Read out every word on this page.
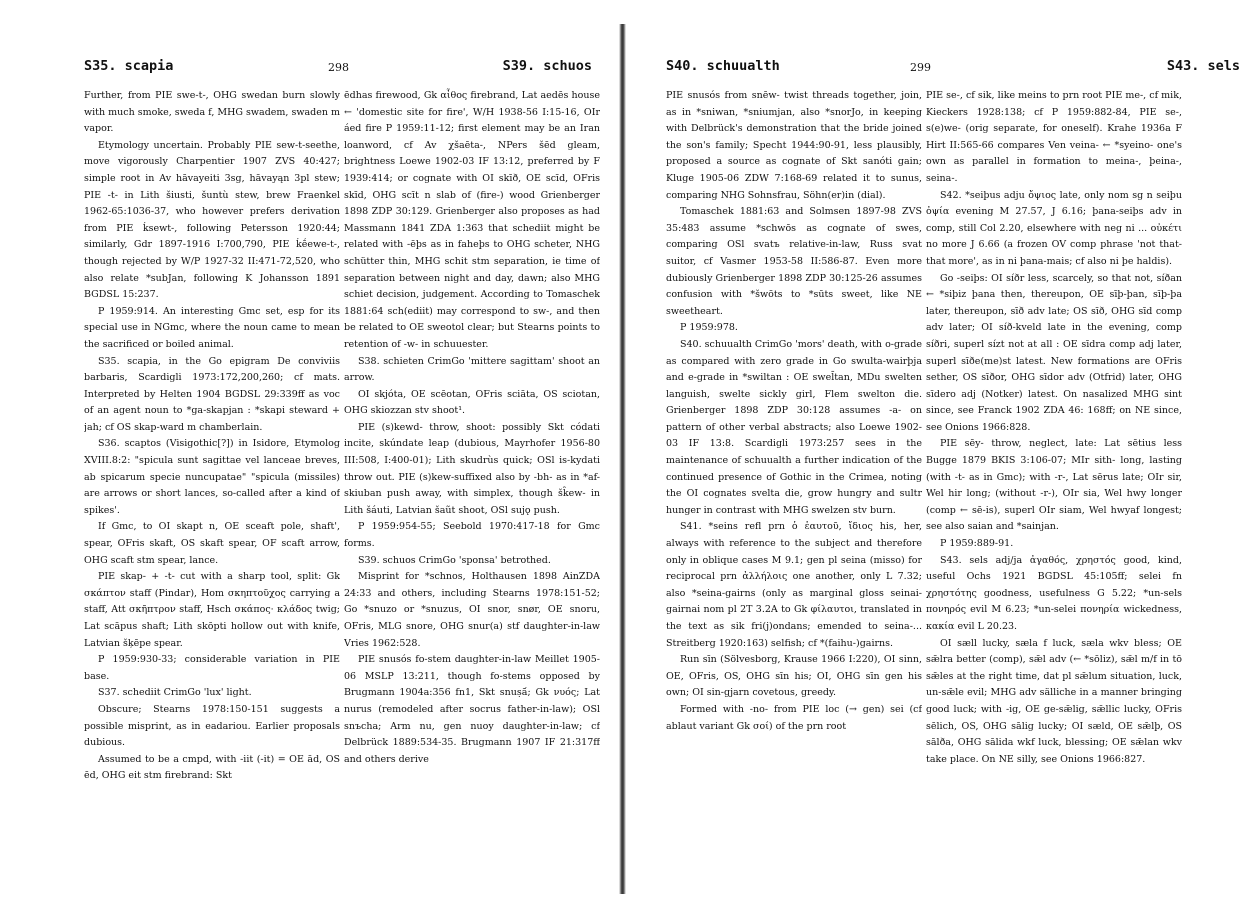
S35. scapia	298	S39. schuos

Further, from PIE swe-t-, OHG swedan burn slowly with much smoke, sweda f, MHG swadem, swaden m vapor.

Etymology uncertain. Probably PIE sew-t-seethe, move vigorously Charpentier 1907 ZVS 40:427; simple root in Av hāvayeiti 3sg, hāvayąn 3pl stew; PIE -t- in Lith šiusti, šuntù stew, brew Fraenkel 1962-65:1036-37, who however prefers derivation from PIE ḱsewt-, following Petersson 1920:44; similarly, Gdr 1897-1916 I:700,790, PIE ḱḗewe-t-, though rejected by W/P 1927-32 II:471-72,520, who also relate *subJan, following K Johansson 1891 BGDSL 15:237.

P 1959:914. An interesting Gmc set, esp for its special use in NGmc, where the noun came to mean the sacrificed or boiled animal.

S35. scapia, in the Go epigram De conviviis barbaris, Scardigli 1973:172,200,260; cf mats. Interpreted by Helten 1904 BGDSL 29:339ff as voc of an agent noun to *ga-skapjan : *skapi steward + jah; cf OS skap-ward m chamberlain.

S36. scaptos (Visigothic[?]) in Isidore, Etymolog XVIII.8:2: "spicula sunt sagittae vel lanceae breves, ab spicarum specie nuncupatae" "spicula (missiles) are arrows or short lances, so-called after a kind of spikes'.

If Gmc, to OI skapt n, OE sceaft pole, shaft', spear, OFris skaft, OS skaft spear, OF scaft arrow, OHG scaft stm spear, lance.

PIE skap- + -t- cut with a sharp tool, split: Gk σκάπτον staff (Pindar), Hom σκηπτοῦχος carrying a staff, Att σκῆπτρον staff, Hsch σκάπος· κλάδος twig; Lat scāpus shaft; Lith skōpti hollow out with knife, Latvian šķēpe spear.

P 1959:930-33; considerable variation in PIE base.

S37. schediit CrimGo 'lux' light.

Obscure; Stearns 1978:150-151 suggests a possible misprint, as in eadariou. Earlier proposals dubious.

Assumed to be a cmpd, with -iit (-it) = OE ād, OS ēd, OHG eit stm firebrand: Skt

ēdhas firewood, Gk αἶθος firebrand, Lat aedēs house ← 'domestic site for fire', W/H 1938-56 I:15-16, OIr áed fire P 1959:11-12; first element may be an Iran loanword, cf Av χšaēta-, NPers šēd gleam, brightness Loewe 1902-03 IF 13:12, preferred by F 1939:414; or cognate with OI skīð, OE scīd, OFris skīd, OHG scīt n slab of (fire-) wood Grienberger 1898 ZDP 30:129. Grienberger also proposes as had Massmann 1841 ZDA 1:363 that schediit might be related with -ēþs as in faheþs to OHG scheter, NHG schütter thin, MHG schit stm separation, ie time of separation between night and day, dawn; also MHG schiet decision, judgement. According to Tomaschek 1881:64 sch(ediit) may correspond to sw-, and then be related to OE sweotol clear; but Stearns points to retention of -w- in schuuester.

S38. schieten CrimGo 'mittere sagittam' shoot an arrow.

OI skjóta, OE scēotan, OFris sciāta, OS sciotan, OHG skiozzan stv shoot¹.

PIE (s)kewd- throw, shoot: possibly Skt códati incite, skúndate leap (dubious, Mayrhofer 1956-80 III:508, I:400-01); Lith skudrùs quick; OSl is-kydati throw out. PIE (s)kew-suffixed also by -bh- as in *af-skiuban push away, with simplex, though šk̑ew- in Lith šáuti, Latvian šaũt shoot, OSl sujǫ push.

P 1959:954-55; Seebold 1970:417-18 for Gmc forms.

S39. schuos CrimGo 'sponsa' betrothed.

Misprint for *schnos, Holthausen 1898 AinZDA 24:33 and others, including Stearns 1978:151-52; Go *snuzo or *snuzus, OI snor, snør, OE snoru, OFris, MLG snore, OHG snur(a) stf daughter-in-law Vries 1962:528.

PIE snusós fo-stem daughter-in-law Meillet 1905-06 MSLP 13:211, though fo-stems opposed by Brugmann 1904a:356 fn1, Skt snuṣā́; Gk νυός; Lat nurus (remodeled after socrus father-in-law); OSl snъcha; Arm nu, gen nuoy daughter-in-law; cf Delbrück 1889:534-35. Brugmann 1907 IF 21:317ff and others derive

S40. schuualth	299	S43. sels

PIE snusós from snēw- twist threads together, join, as in *sniwan, *sniumjan, also *snorJo, in keeping with Delbrück's demonstration that the bride joined the son's family; Specht 1944:90-91, less plausibly, proposed a source as cognate of Skt sanóti gain; Kluge 1905-06 ZDW 7:168-69 related it to sunus, comparing NHG Sohnsfrau, Söhn(er)in (dial).

Tomaschek 1881:63 and Solmsen 1897-98 ZVS 35:483 assume *schwōs as cognate of swes, comparing OSl svatъ relative-in-law, Russ svat suitor, cf Vasmer 1953-58 II:586-87. Even more dubiously Grienberger 1898 ZDP 30:125-26 assumes confusion with *šwōts to *sūts sweet, like NE sweetheart.

P 1959:978.

S40. schuualth CrimGo 'mors' death, with o-grade as compared with zero grade in Go swulta-wairþja and e-grade in *swiltan : OE swel̄tan, MDu swelten languish, swelte sickly girl, Flem swelton die. Grienberger 1898 ZDP 30:128 assumes -a- on pattern of other verbal abstracts; also Loewe 1902-03 IF 13:8. Scardigli 1973:257 sees in the maintenance of schuualth a further indication of the continued presence of Gothic in the Crimea, noting the OI cognates svelta die, grow hungry and sultr hunger in contrast with MHG swelzen stv burn.

S41. *seins refl prn ὁ ἑαυτοῦ, ἴδιος his, her, always with reference to the subject and therefore only in oblique cases M 9.1; gen pl seina (misso) for reciprocal prn ἀλλήλοις one another, only L 7.32; also *seina-gairns (only as marginal gloss seinai-gairnai nom pl 2T 3.2A to Gk φίλαυτοι, translated in the text as sik fri(j)ondans; emended to seina-... Streitberg 1920:163) selfish; cf *(faihu-)gairns.

Run sīn (Sölvesborg, Krause 1966 I:220), OI sinn, OE, OFris, OS, OHG sīn his; OI, OHG sīn gen his own; OI sin-gjarn covetous, greedy.

Formed with -no- from PIE loc (→ gen) sei (cf ablaut variant Gk σοί) of the prn root

PIE se-, cf sik, like meins to prn root PIE me-, cf mik, Kieckers 1928:138; cf P 1959:882-84, PIE se-, s(e)we- (orig separate, for oneself). Krahe 1936a F Hirt II:565-66 compares Ven veina- ← *syeino- one's own as parallel in formation to meina-, þeina-, seina-.

S42. *seiþus adju ὄψιος late, only nom sg n seiþu ὀψία evening M 27.57, J 6.16; þana-seiþs adv in comp, still Col 2.20, elsewhere with neg ni ... οὐκέτι no more J 6.66 (a frozen OV comp phrase 'not that-that more', as in ni þana-mais; cf also ni þe haldis).

Go -seiþs: OI síðr less, scarcely, so that not, síðan ← *siþiz þana then, thereupon, OE sīþ-þan, sīþ-þa later, thereupon, sīð adv late; OS sīð, OHG sīd comp adv later; OI síð-kveld late in the evening, comp síðri, superl sízt not at all : OE sīdra comp adj later, superl sīðe(me)st latest. New formations are OFris sether, OS sīðor, OHG sīdor adv (Otfrid) later, OHG sīdero adj (Notker) latest. On nasalized MHG sint since, see Franck 1902 ZDA 46: 168ff; on NE since, see Onions 1966:828.

PIE sēy- throw, neglect, late: Lat sētius less Bugge 1879 BKIS 3:106-07; MIr sith- long, lasting (with -t- as in Gmc); with -r-, Lat sērus late; OIr sir, Wel hir long; (without -r-), OIr sia, Wel hwy longer (comp ← sē-is), superl OIr siam, Wel hwyaf longest; see also saian and *sainjan.

P 1959:889-91.

S43. sels adj/ja ἀγαθός, χρηστός good, kind, useful Ochs 1921 BGDSL 45:105ff; selei fn χρηστότης goodness, usefulness G 5.22; *un-sels πονηρός evil M 6.23; *un-selei πονηρία wickedness, κακία evil L 20.23.

OI sæll lucky, sæla f luck, sæla wkv bless; OE sǣlra better (comp), sǣl adv (← *sōliz), sǣl m/f in tō sǣles at the right time, dat pl sǣlum situation, luck, un-sǣle evil; MHG adv sälliche in a manner bringing good luck; with -ig, OE ge-sǣlig, sǣllic lucky, OFris sēlich, OS, OHG sālig lucky; OI sæld, OE sǣlþ, OS sālða, OHG sālida wkf luck, blessing; OE sǣlan wkv take place. On NE silly, see Onions 1966:827.
